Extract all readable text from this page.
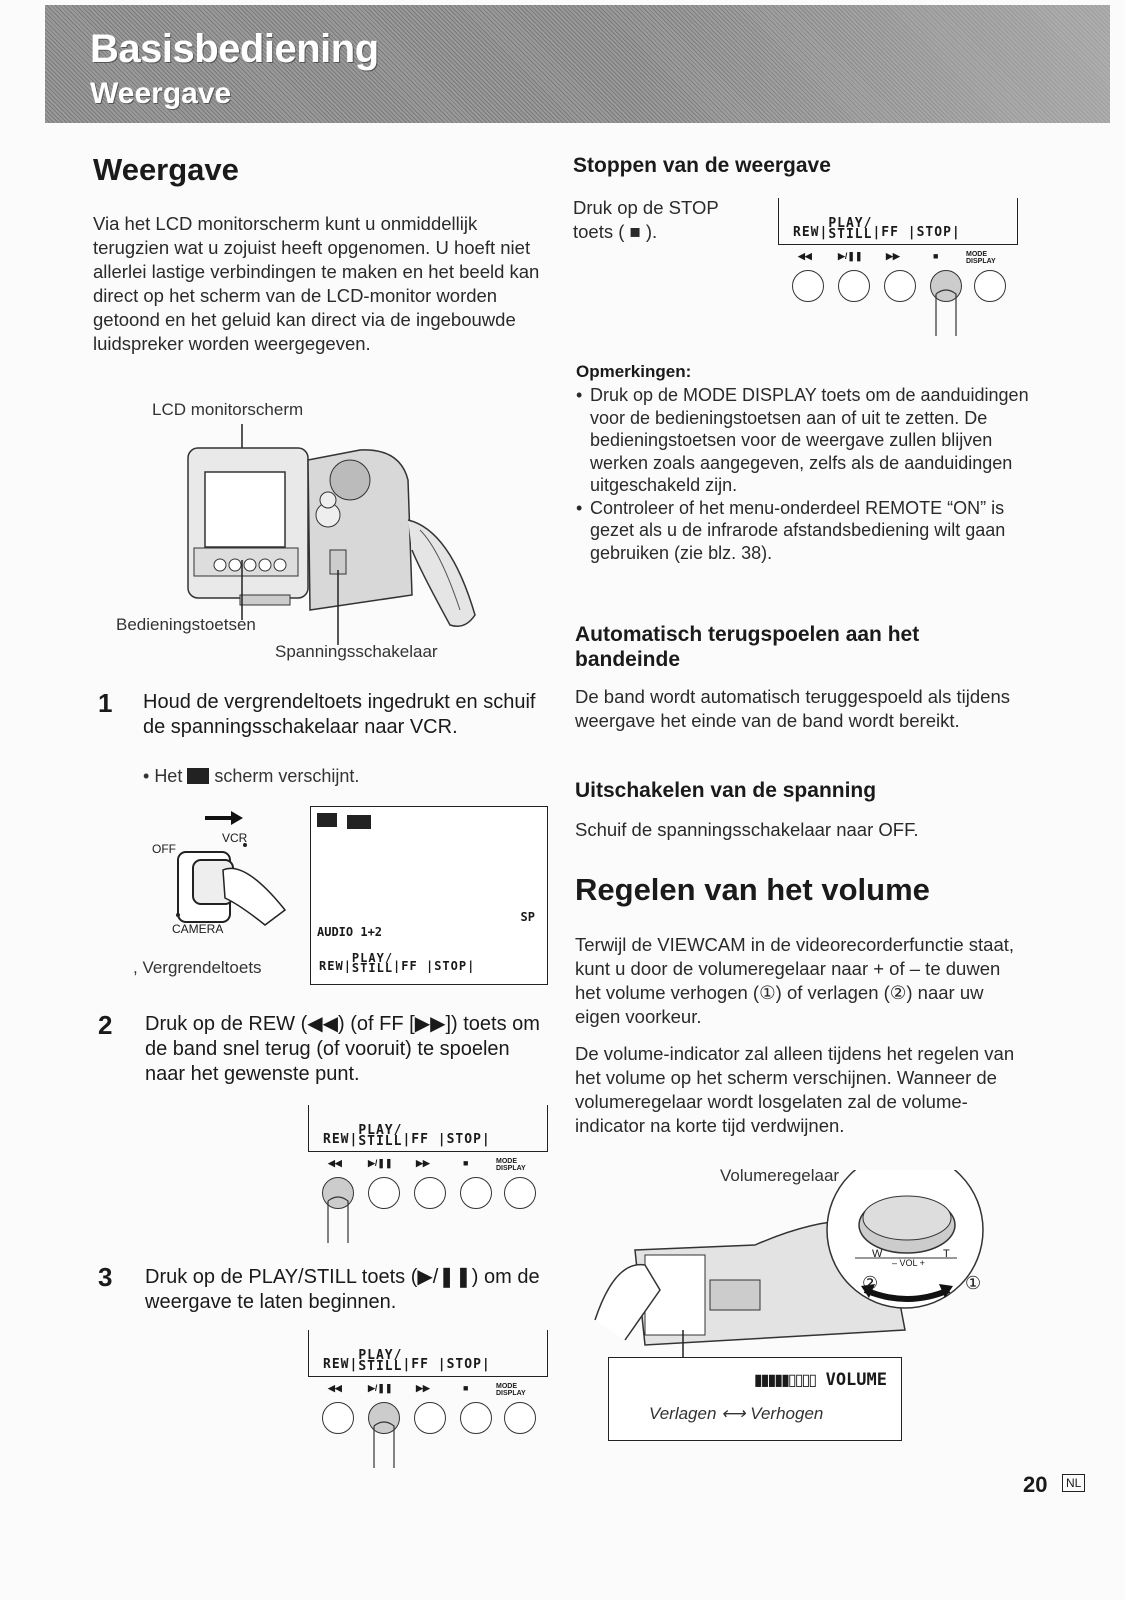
Basisbediening
Weergave
Weergave
Via het LCD monitorscherm kunt u onmiddellijk terugzien wat u zojuist heeft opgenomen. U hoeft niet allerlei lastige verbindingen te maken en het beeld kan direct op het scherm van de LCD-monitor worden getoond en het geluid kan direct via de ingebouwde luidspreker worden weergegeven.
LCD monitorscherm
Bedieningstoetsen
Spanningsschakelaar
1 Houd de vergrendeltoets ingedrukt en schuif de spanningsschakelaar naar VCR.
• Het scherm verschijnt.
OFF
VCR
CAMERA
, Vergrendeltoets
SP
AUDIO 1+2
REW|PLAY/
STILL|FF |STOP|
2 Druk op de REW (◀◀) (of FF [▶▶]) toets om de band snel terug (of vooruit) te spoelen naar het gewenste punt.
REW|PLAY/
STILL|FF |STOP|
◀◀	▶/❚❚	▶▶	■	MODE DISPLAY
3 Druk op de PLAY/STILL toets (▶/❚❚) om de weergave te laten beginnen.
REW|PLAY/
STILL|FF |STOP|
◀◀	▶/❚❚	▶▶	■	MODE DISPLAY
Stoppen van de weergave
Druk op de STOP toets ( ■ ).	REW|PLAY/
STILL|FF |STOP|
◀◀	▶/❚❚	▶▶	■	MODE DISPLAY
Opmerkingen:
• Druk op de MODE DISPLAY toets om de aanduidingen voor de bedieningstoetsen aan of uit te zetten. De bedieningstoetsen voor de weergave zullen blijven werken zoals aangegeven, zelfs als de aanduidingen uitgeschakeld zijn.
• Controleer of het menu-onderdeel REMOTE “ON” is gezet als u de infrarode afstandsbediening wilt gaan gebruiken (zie blz. 38).
Automatisch terugspoelen aan het bandeinde
De band wordt automatisch teruggespoeld als tijdens weergave het einde van de band wordt bereikt.
Uitschakelen van de spanning
Schuif de spanningsschakelaar naar OFF.
Regelen van het volume
Terwijl de VIEWCAM in de videorecorderfunctie staat, kunt u door de volumeregelaar naar + of – te duwen het volume verhogen (①) of verlagen (②) naar uw eigen voorkeur.
De volume-indicator zal alleen tijdens het regelen van het volume op het scherm verschijnen. Wanneer de volumeregelaar wordt losgelaten zal de volume-indicator na korte tijd verdwijnen.
Volumeregelaar
W	T
– VOL +
②	①
▮▮▮▮▮▯▯▯▯ VOLUME
Verlagen ⟷ Verhogen
20	NL
